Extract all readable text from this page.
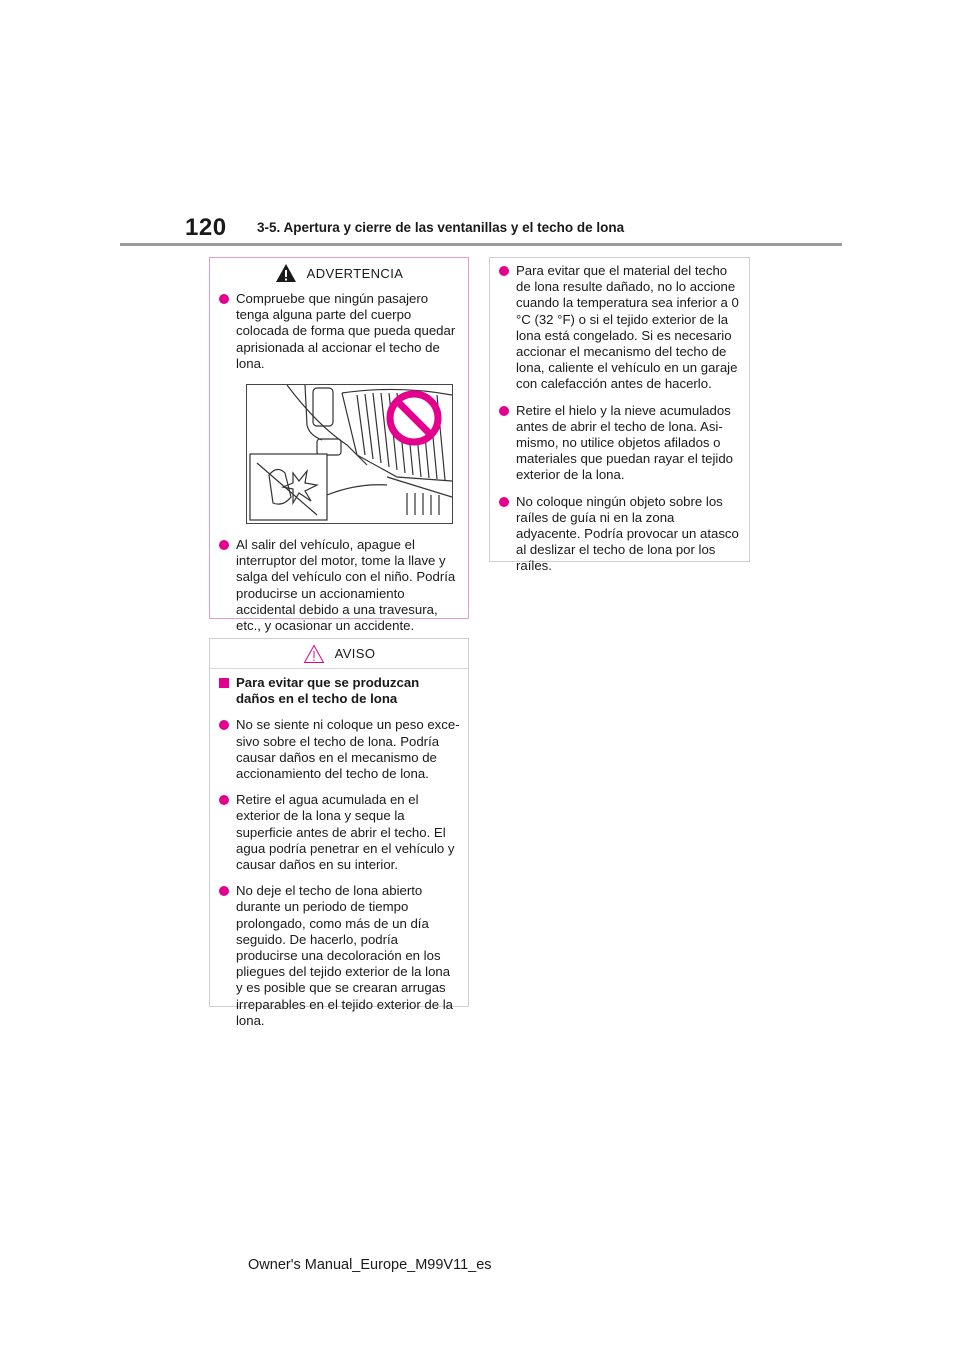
120 3-5. Apertura y cierre de las ventanillas y el techo de lona
ADVERTENCIA
Compruebe que ningún pasajero tenga alguna parte del cuerpo colocada de forma que pueda quedar aprisionada al accionar el techo de lona.
Al salir del vehículo, apague el interruptor del motor, tome la llave y salga del vehículo con el niño. Podría producirse un accionamiento accidental debido a una travesura, etc., y ocasionar un accidente.
AVISO
Para evitar que se produzcan daños en el techo de lona
No se siente ni coloque un peso excesivo sobre el techo de lona. Podría causar daños en el mecanismo de accionamiento del techo de lona.
Retire el agua acumulada en el exterior de la lona y seque la superficie antes de abrir el techo. El agua podría penetrar en el vehículo y causar daños en su interior.
No deje el techo de lona abierto durante un periodo de tiempo prolongado, como más de un día seguido. De hacerlo, podría producirse una decoloración en los pliegues del tejido exterior de la lona y es posible que se crearan arrugas irreparables en el tejido exterior de la lona.
Para evitar que el material del techo de lona resulte dañado, no lo accione cuando la temperatura sea inferior a 0 °C (32 °F) o si el tejido exterior de la lona está congelado. Si es necesario accionar el mecanismo del techo de lona, caliente el vehículo en un garaje con calefacción antes de hacerlo.
Retire el hielo y la nieve acumulados antes de abrir el techo de lona. Asimismo, no utilice objetos afilados o materiales que puedan rayar el tejido exterior de la lona.
No coloque ningún objeto sobre los raíles de guía ni en la zona adyacente. Podría provocar un atasco al deslizar el techo de lona por los raíles.
Owner's Manual_Europe_M99V11_es
